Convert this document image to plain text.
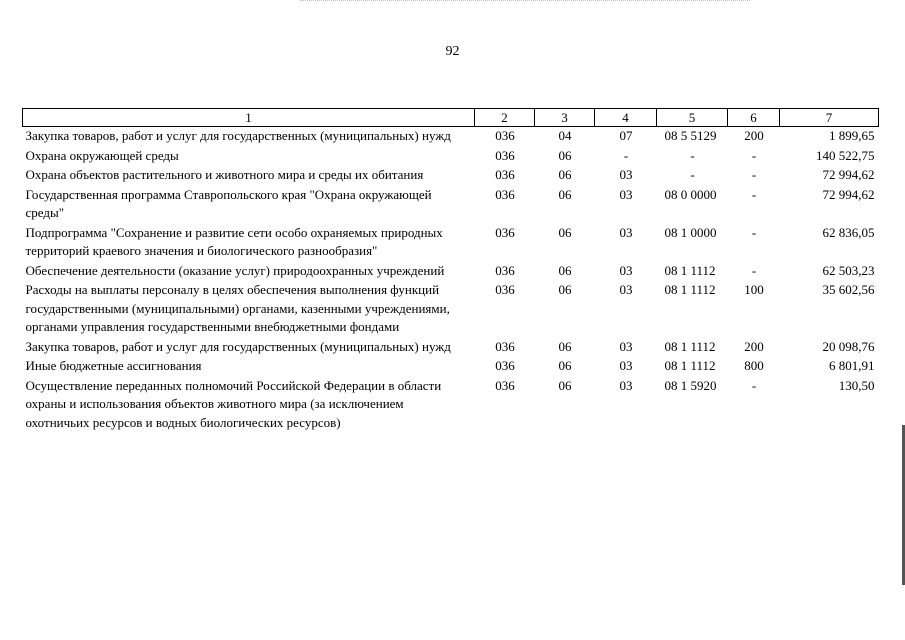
92
1	2	3	4	5	6	7
Закупка товаров, работ и услуг для государственных (муниципальных) нужд	036	04	07	08 5 5129	200	1 899,65
Охрана окружающей среды	036	06	-	-	-	140 522,75
Охрана объектов растительного и животного мира и среды их обитания	036	06	03	-	-	72 994,62
Государственная программа Ставропольского края "Охрана окружающей среды"	036	06	03	08 0 0000	-	72 994,62
Подпрограмма "Сохранение и развитие сети особо охраняемых природных территорий краевого значения и биологического разнообразия"	036	06	03	08 1 0000	-	62 836,05
Обеспечение деятельности (оказание услуг) природоохранных учреждений	036	06	03	08 1 1112	-	62 503,23
Расходы на выплаты персоналу в целях обеспечения выполнения функций государственными (муниципальными) органами, казенными учреждениями, органами управления государственными внебюджетными фондами	036	06	03	08 1 1112	100	35 602,56
Закупка товаров, работ и услуг для государственных (муниципальных) нужд	036	06	03	08 1 1112	200	20 098,76
Иные бюджетные ассигнования	036	06	03	08 1 1112	800	6 801,91
Осуществление переданных полномочий Российской Федерации в области охраны и использования объектов животного мира (за исключением охотничьих ресурсов и водных биологических ресурсов)	036	06	03	08 1 5920	-	130,50
